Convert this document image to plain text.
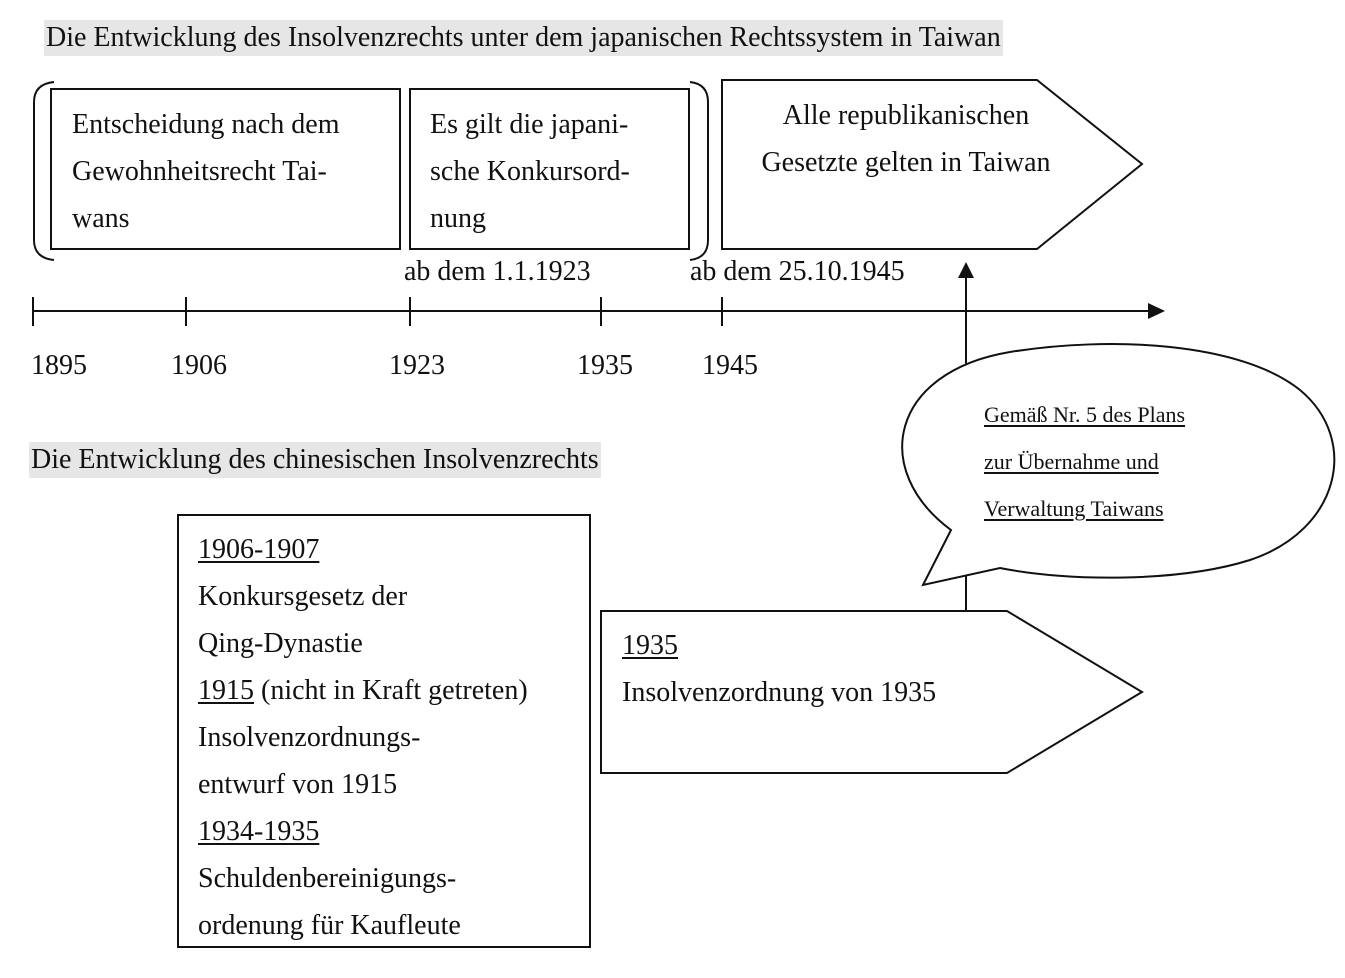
Die Entwicklung des Insolvenzrechts unter dem japanischen Rechtssystem in Taiwan
Die Entwicklung des chinesischen Insolvenzrechts
Entscheidung nach dem
Gewohnheitsrecht Tai-
wans
Es gilt die japani-
sche Konkursord-
nung
Alle republikanischen
Gesetzte gelten in Taiwan
ab dem 1.1.1923	ab dem 25.10.1945
1895	1906	1923	1935 1945
Gemäß Nr. 5 des Plans
zur Übernahme und
Verwaltung Taiwans
1906-1907
Konkursgesetz der
Qing-Dynastie
1915 (nicht in Kraft getreten)
Insolvenzordnungs-
entwurf von 1915
1934-1935
Schuldenbereinigungs-
ordenung für Kaufleute
1935
Insolvenzordnung von 1935
